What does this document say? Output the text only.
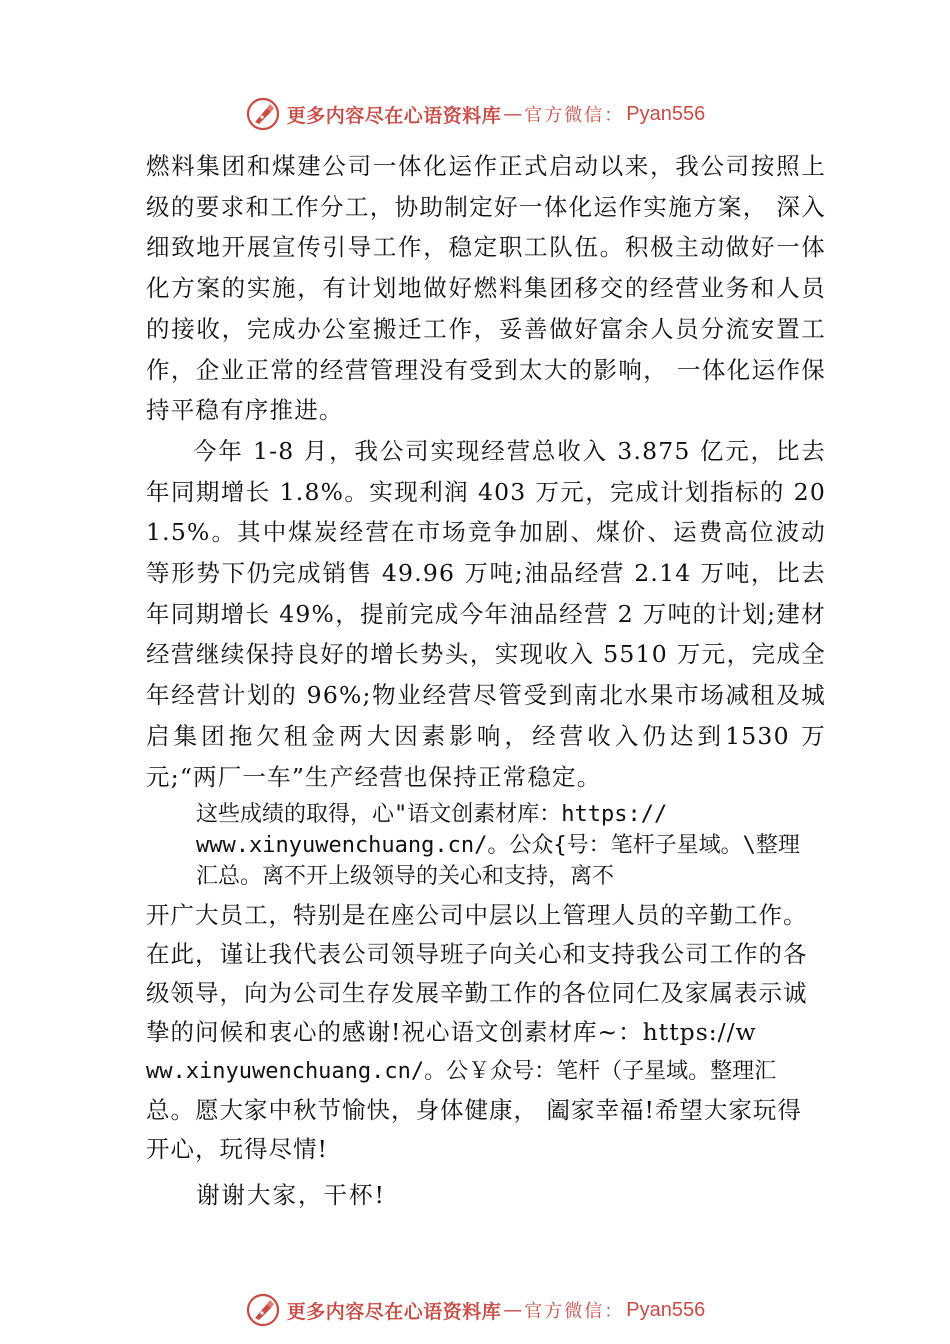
更多内容尽在心语资料库 — 官方微信： Pyan556

燃料集团和煤建公司一体化运作正式启动以来，我公司按照上级的要求和工作分工，协助制定好一体化运作实施方案， 深入细致地开展宣传引导工作，稳定职工队伍。积极主动做好一体化方案的实施，有计划地做好燃料集团移交的经营业务和人员的接收，完成办公室搬迁工作，妥善做好富余人员分流安置工作，企业正常的经营管理没有受到太大的影响， 一体化运作保持平稳有序推进。

今年 1-8 月，我公司实现经营总收入 3.875 亿元，比去年同期增长 1.8%。实现利润 403 万元，完成计划指标的 201.5%。其中煤炭经营在市场竞争加剧、煤价、运费高位波动等形势下仍完成销售 49.96 万吨;油品经营 2.14 万吨，比去年同期增长 49%，提前完成今年油品经营 2 万吨的计划;建材经营继续保持良好的增长势头，实现收入 5510 万元，完成全年经营计划的 96%;物业经营尽管受到南北水果市场减租及城启集团拖欠租金两大因素影响，经营收入仍达到1530 万元;“两厂一车”生产经营也保持正常稳定。

这些成绩的取得，心"语文创素材库：https://
www.xinyuwenchuang.cn/。公众{号：笔杆子星域。\整理
汇总。离不开上级领导的关心和支持，离不

开广大员工，特别是在座公司中层以上管理人员的辛勤工作。在此，谨让我代表公司领导班子向关心和支持我公司工作的各级领导，向为公司生存发展辛勤工作的各位同仁及家属表示诚挚的问候和衷心的感谢!祝心语文创素材库~：https://w

ww.xinyuwenchuang.cn/。公￥众号：笔杆（子星域。整理汇

总。愿大家中秋节愉快，身体健康， 阖家幸福!希望大家玩得开心，玩得尽情!

谢谢大家，干杯!

更多内容尽在心语资料库 — 官方微信： Pyan556
